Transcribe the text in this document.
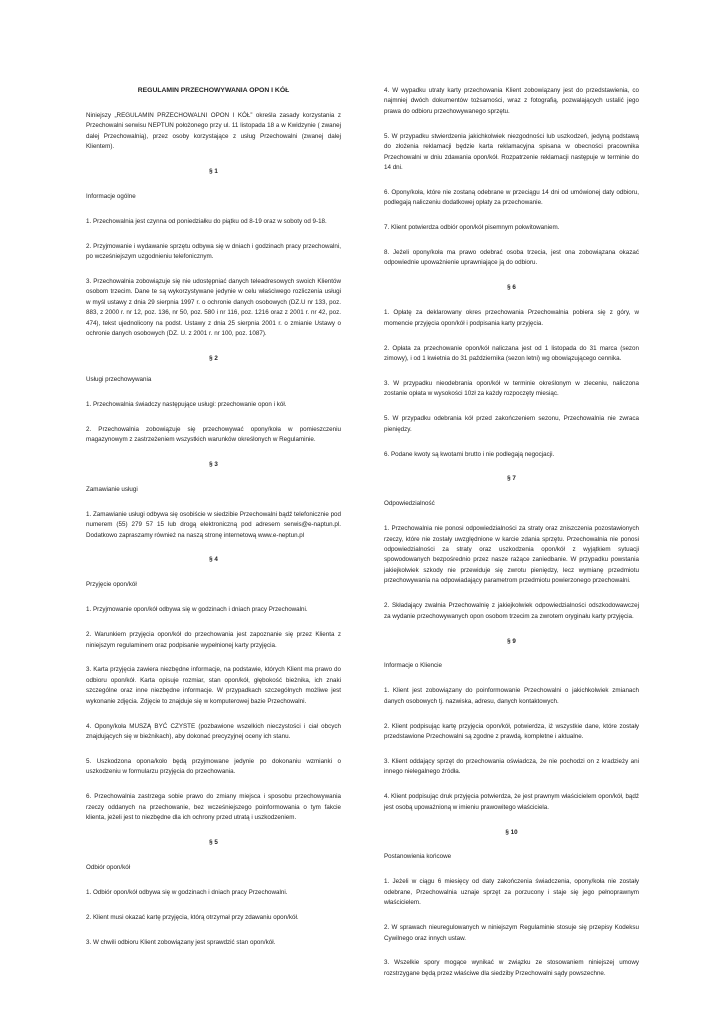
REGULAMIN PRZECHOWYWANIA OPON I KÓŁ

Niniejszy „REGULAMIN PRZECHOWALNI OPON I KÓŁ” określa zasady korzystania z Przechowalni serwisu NEPTUN położonego przy ul. 11 listopada 18 a w Kwidzynie ( zwanej dalej Przechowalnią), przez osoby korzystające z usług Przechowalni (zwanej dalej Klientem).

§ 1

Informacje ogólne

1. Przechowalnia jest czynna od poniedziałku do piątku od 8-19 oraz w soboty od 9-18.

2. Przyjmowanie i wydawanie sprzętu odbywa się w dniach i godzinach pracy przechowalni, po wcześniejszym uzgodnieniu telefonicznym.

3. Przechowalnia zobowiązuje się nie udostępniać danych teleadresowych swoich Klientów osobom trzecim. Dane te są wykorzystywane jedynie w celu właściwego rozliczenia usługi w myśl ustawy z dnia 29 sierpnia 1997 r. o ochronie danych osobowych (DZ.U nr 133, poz. 883, z 2000 r. nr 12, poz. 136, nr 50, poz. 580 i nr 116, poz. 1216 oraz z 2001 r. nr 42, poz. 474), tekst ujednolicony na podst. Ustawy z dnia 25 sierpnia 2001 r. o zmianie Ustawy o ochronie danych osobowych (DZ. U. z 2001 r. nr 100, poz. 1087).

§ 2

Usługi przechowywania

1. Przechowalnia świadczy następujące usługi: przechowanie opon i kół.

2. Przechowalnia zobowiązuje się przechowywać opony/koła w pomieszczeniu magazynowym z zastrzeżeniem wszystkich warunków określonych w Regulaminie.

§ 3

Zamawianie usługi

1. Zamawianie usługi odbywa się osobiście w siedzibie Przechowalni bądź telefonicznie pod numerem (55) 279 57 15 lub drogą elektroniczną pod adresem serwis@e-naptun.pl. Dodatkowo zapraszamy również na naszą stronę internetową www.e-neptun.pl

§ 4

Przyjęcie opon/kół

1. Przyjmowanie opon/kół odbywa się w godzinach i dniach pracy Przechowalni.

2. Warunkiem przyjęcia opon/kół do przechowania jest zapoznanie się przez Klienta z niniejszym regulaminem oraz podpisanie wypełnionej karty przyjęcia.

3. Karta przyjęcia zawiera niezbędne informacje, na podstawie, których Klient ma prawo do odbioru opon/kół. Karta opisuje rozmiar, stan opon/kół, głębokość bieżnika, ich znaki szczególne oraz inne niezbędne informacje. W przypadkach szczególnych możliwe jest wykonanie zdjęcia. Zdjęcie to znajduje się w komputerowej bazie Przechowalni.

4. Opony/koła MUSZĄ BYĆ CZYSTE (pozbawione wszelkich nieczystości i ciał obcych znajdujących się w bieżnikach), aby dokonać precyzyjnej oceny ich stanu.

5. Uszkodzona opona/koło będą przyjmowane jedynie po dokonaniu wzmianki o uszkodzeniu w formularzu przyjęcia do przechowania.

6. Przechowalnia zastrzega sobie prawo do zmiany miejsca i sposobu przechowywania rzeczy oddanych na przechowanie, bez wcześniejszego poinformowania o tym fakcie klienta, jeżeli jest to niezbędne dla ich ochrony przed utratą i uszkodzeniem.

§ 5

Odbiór opon/kół

1. Odbiór opon/kół odbywa się w godzinach i dniach pracy Przechowalni.

2. Klient musi okazać kartę przyjęcia, którą otrzymał przy zdawaniu opon/kół.

3. W chwili odbioru Klient zobowiązany jest sprawdzić stan opon/kół.

4. W wypadku utraty karty przechowania Klient zobowiązany jest do przedstawienia, co najmniej dwóch dokumentów tożsamości, wraz z fotografią, pozwalających ustalić jego prawa do odbioru przechowywanego sprzętu.

5. W przypadku stwierdzenia jakichkolwiek niezgodności lub uszkodzeń, jedyną podstawą do złożenia reklamacji będzie karta reklamacyjna spisana w obecności pracownika Przechowalni w dniu zdawania opon/kół. Rozpatrzenie reklamacji następuje w terminie do 14 dni.

6. Opony/koła, które nie zostaną odebrane w przeciągu 14 dni od umówionej daty odbioru, podlegają naliczeniu dodatkowej opłaty za przechowanie.

7. Klient potwierdza odbiór opon/kół pisemnym pokwitowaniem.

8. Jeżeli opony/koła ma prawo odebrać osoba trzecia, jest ona zobowiązana okazać odpowiednie upoważnienie uprawniające ją do odbioru.

§ 6

1. Opłatę za deklarowany okres przechowania Przechowalnia pobiera się z góry, w momencie przyjęcia opon/kół i podpisania karty przyjęcia.

2. Opłata za przechowanie opon/kół naliczana jest od 1 listopada do 31 marca (sezon zimowy), i od 1 kwietnia do 31 października (sezon letni) wg obowiązującego cennika.

3. W przypadku nieodebrania opon/kół w terminie określonym w zleceniu, naliczona zostanie opłata w wysokości 10zł za każdy rozpoczęty miesiąc.

5. W przypadku odebrania kół przed zakończeniem sezonu, Przechowalnia nie zwraca pieniędzy.

6. Podane kwoty są kwotami brutto i nie podlegają negocjacji.

§ 7

Odpowiedzialność

1. Przechowalnia nie ponosi odpowiedzialności za straty oraz zniszczenia pozostawionych rzeczy, które nie zostały uwzględnione w karcie zdania sprzętu. Przechowalnia nie ponosi odpowiedzialności za straty oraz uszkodzenia opon/kół z wyjątkiem sytuacji spowodowanych bezpośrednio przez nasze rażące zaniedbanie. W przypadku powstania jakiejkolwiek szkody nie przewiduje się zwrotu pieniędzy, lecz wymianę przedmiotu przechowywania na odpowiadający parametrom przedmiotu powierzonego przechowalni.

2. Składający zwalnia Przechowalnię z jakiejkolwiek odpowiedzialności odszkodowawczej za wydanie przechowywanych opon osobom trzecim za zwrotem oryginału karty przyjęcia.

§ 9

Informacje o Kliencie

1. Klient jest zobowiązany do poinformowanie Przechowalni o jakichkolwiek zmianach danych osobowych tj. nazwiska, adresu, danych kontaktowych.

2. Klient podpisując kartę przyjęcia opon/kół, potwierdza, iż wszystkie dane, które zostały przedstawione Przechowalni są zgodne z prawdą, kompletne i aktualne.

3. Klient oddający sprzęt do przechowania oświadcza, że nie pochodzi on z kradzieży ani innego nielegalnego źródła.

4. Klient podpisując druk przyjęcia potwierdza, że jest prawnym właścicielem opon/kół, bądź jest osobą upoważnioną w imieniu prawowitego właściciela.

§ 10

Postanowienia końcowe

1. Jeżeli w ciągu 6 miesięcy od daty zakończenia świadczenia, opony/koła nie zostały odebrane, Przechowalnia uznaje sprzęt za porzucony i staje się jego pełnoprawnym właścicielem.

2. W sprawach nieuregulowanych w niniejszym Regulaminie stosuje się przepisy Kodeksu Cywilnego oraz innych ustaw.

3. Wszelkie spory mogące wynikać w związku ze stosowaniem niniejszej umowy rozstrzygane będą przez właściwe dla siedziby Przechowalni sądy powszechne.
